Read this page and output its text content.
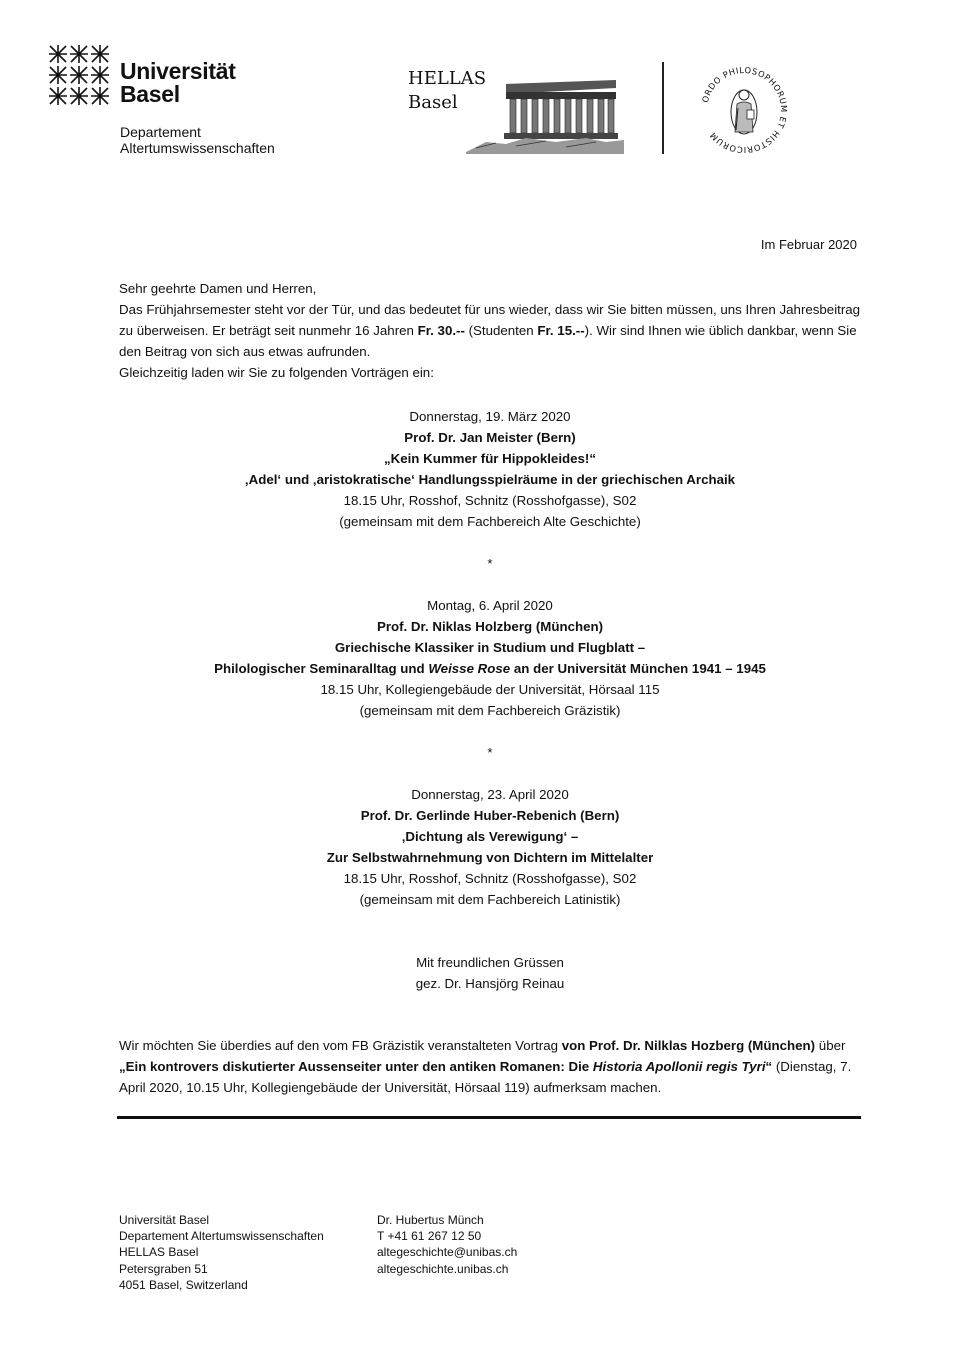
Universität
Basel
Departement
Altertumswissenschaften
HELLAS
Basel	ORDO PHILOSOPHORUM ET HISTORICORUM
Im Februar 2020

Sehr geehrte Damen und Herren,

Das Frühjahrsemester steht vor der Tür, und das bedeutet für uns wieder, dass wir Sie bitten müssen, uns Ihren Jahresbeitrag zu überweisen. Er beträgt seit nunmehr 16 Jahren Fr. 30.-- (Studenten Fr. 15.--). Wir sind Ihnen wie üblich dankbar, wenn Sie den Beitrag von sich aus etwas aufrunden.

Gleichzeitig laden wir Sie zu folgenden Vorträgen ein:

Donnerstag, 19. März 2020

Prof. Dr. Jan Meister (Bern)

„Kein Kummer für Hippokleides!“

‚Adel‘ und ‚aristokratische‘ Handlungsspielräume in der griechischen Archaik

18.15 Uhr, Rosshof, Schnitz (Rosshofgasse), S02

(gemeinsam mit dem Fachbereich Alte Geschichte)

*

Montag, 6. April 2020

Prof. Dr. Niklas Holzberg (München)

Griechische Klassiker in Studium und Flugblatt –

Philologischer Seminaralltag und Weisse Rose an der Universität München 1941 – 1945

18.15 Uhr, Kollegiengebäude der Universität, Hörsaal 115

(gemeinsam mit dem Fachbereich Gräzistik)

*

Donnerstag, 23. April 2020

Prof. Dr. Gerlinde Huber-Rebenich (Bern)

‚Dichtung als Verewigung‘ –

Zur Selbstwahrnehmung von Dichtern im Mittelalter

18.15 Uhr, Rosshof, Schnitz (Rosshofgasse), S02

(gemeinsam mit dem Fachbereich Latinistik)

Mit freundlichen Grüssen

gez. Dr. Hansjörg Reinau

Wir möchten Sie überdies auf den vom FB Gräzistik veranstalteten Vortrag von Prof. Dr. Nilklas Hozberg (München) über „Ein kontrovers diskutierter Aussenseiter unter den antiken Romanen: Die Historia Apollonii regis Tyri“ (Dienstag, 7. April 2020, 10.15 Uhr, Kollegiengebäude der Universität, Hörsaal 119) aufmerksam machen.
Universität Basel
Departement Altertumswissenschaften
HELLAS Basel
Petersgraben 51
4051 Basel, Switzerland
Dr. Hubertus Münch
T +41 61 267 12 50
altegeschichte@unibas.ch
altegeschichte.unibas.ch
